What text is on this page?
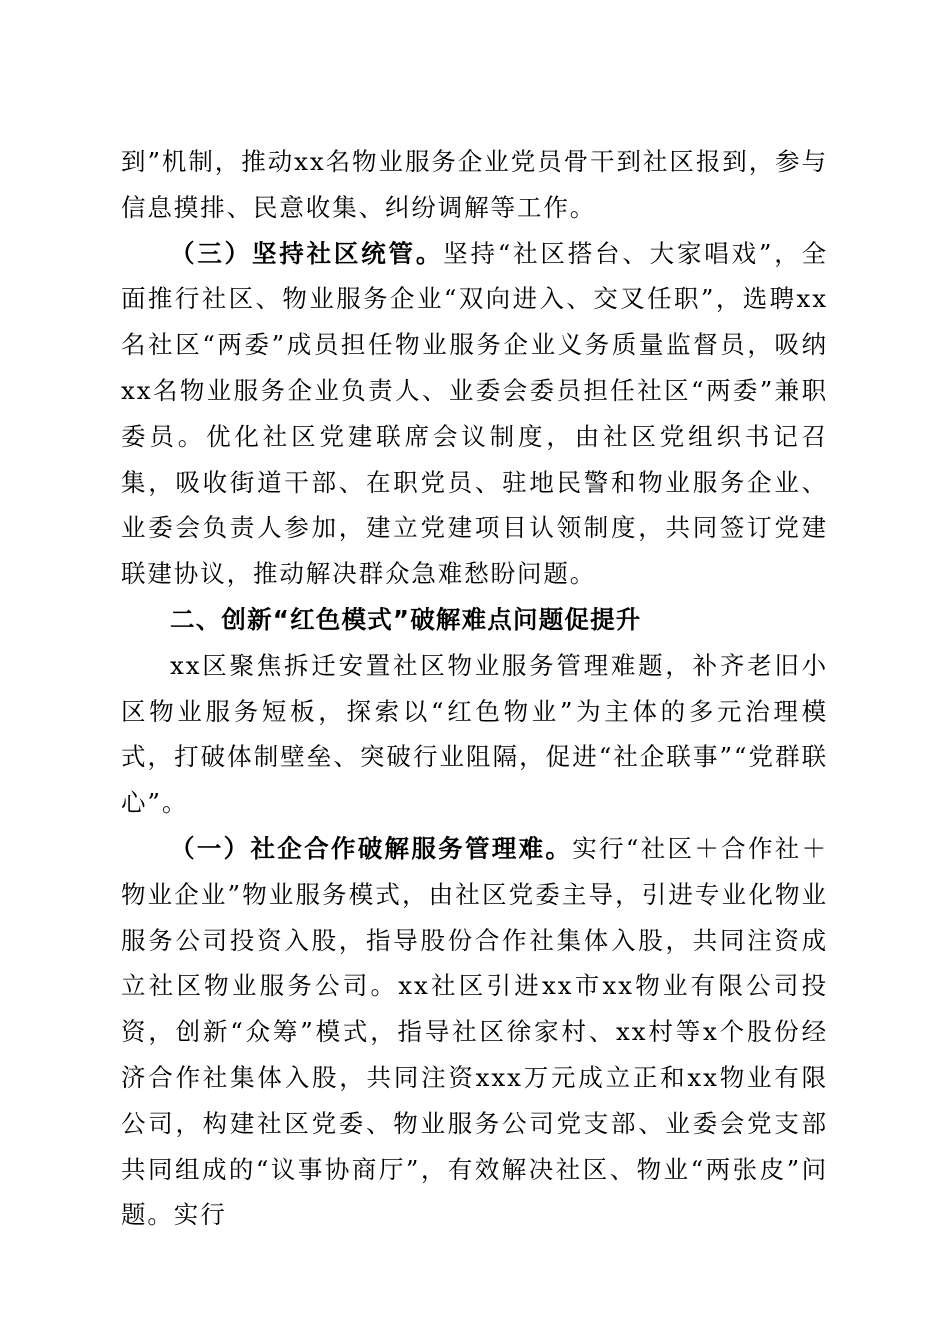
到”机制，推动xx名物业服务企业党员骨干到社区报到，参与信息摸排、民意收集、纠纷调解等工作。

（三）坚持社区统管。坚持“社区搭台、大家唱戏”，全面推行社区、物业服务企业“双向进入、交叉任职”，选聘xx名社区“两委”成员担任物业服务企业义务质量监督员，吸纳xx名物业服务企业负责人、业委会委员担任社区“两委”兼职委员。优化社区党建联席会议制度，由社区党组织书记召集，吸收街道干部、在职党员、驻地民警和物业服务企业、业委会负责人参加，建立党建项目认领制度，共同签订党建联建协议，推动解决群众急难愁盼问题。

二、创新“红色模式”破解难点问题促提升

xx区聚焦拆迁安置社区物业服务管理难题，补齐老旧小区物业服务短板，探索以“红色物业”为主体的多元治理模式，打破体制壁垒、突破行业阻隔，促进“社企联事”“党群联心”。

（一）社企合作破解服务管理难。实行“社区＋合作社＋物业企业”物业服务模式，由社区党委主导，引进专业化物业服务公司投资入股，指导股份合作社集体入股，共同注资成立社区物业服务公司。xx社区引进xx市xx物业有限公司投资，创新“众筹”模式，指导社区徐家村、xx村等x个股份经济合作社集体入股，共同注资xxx万元成立正和xx物业有限公司，构建社区党委、物业服务公司党支部、业委会党支部共同组成的“议事协商厅”，有效解决社区、物业“两张皮”问题。实行
